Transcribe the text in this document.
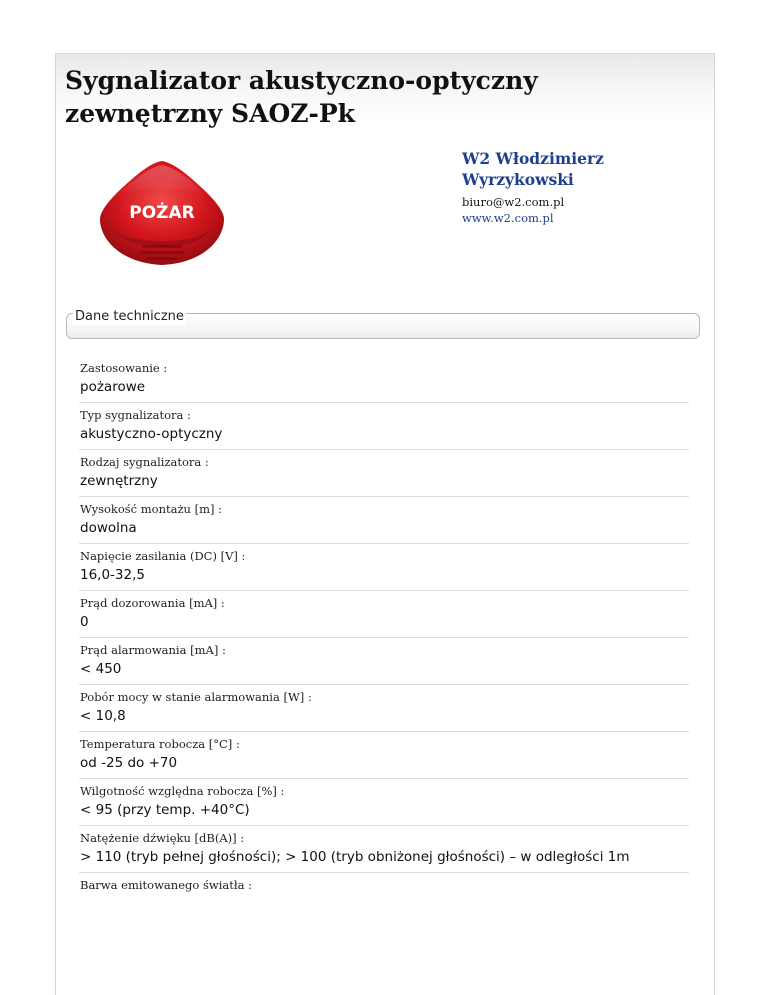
Sygnalizator akustyczno-optyczny zewnętrzny SAOZ-Pk
POŻAR
W2 Włodzimierz Wyrzykowski
biuro@w2.com.pl
www.w2.com.pl
Dane techniczne
Zastosowanie :
pożarowe
Typ sygnalizatora :
akustyczno-optyczny
Rodzaj sygnalizatora :
zewnętrzny
Wysokość montażu [m] :
dowolna
Napięcie zasilania (DC) [V] :
16,0-32,5
Prąd dozorowania [mA] :
0
Prąd alarmowania [mA] :
< 450
Pobór mocy w stanie alarmowania [W] :
< 10,8
Temperatura robocza [°C] :
od -25 do +70
Wilgotność względna robocza [%] :
< 95 (przy temp. +40°C)
Natężenie dźwięku [dB(A)] :
> 110 (tryb pełnej głośności); > 100 (tryb obniżonej głośności) – w odległości 1m
Barwa emitowanego światła :
